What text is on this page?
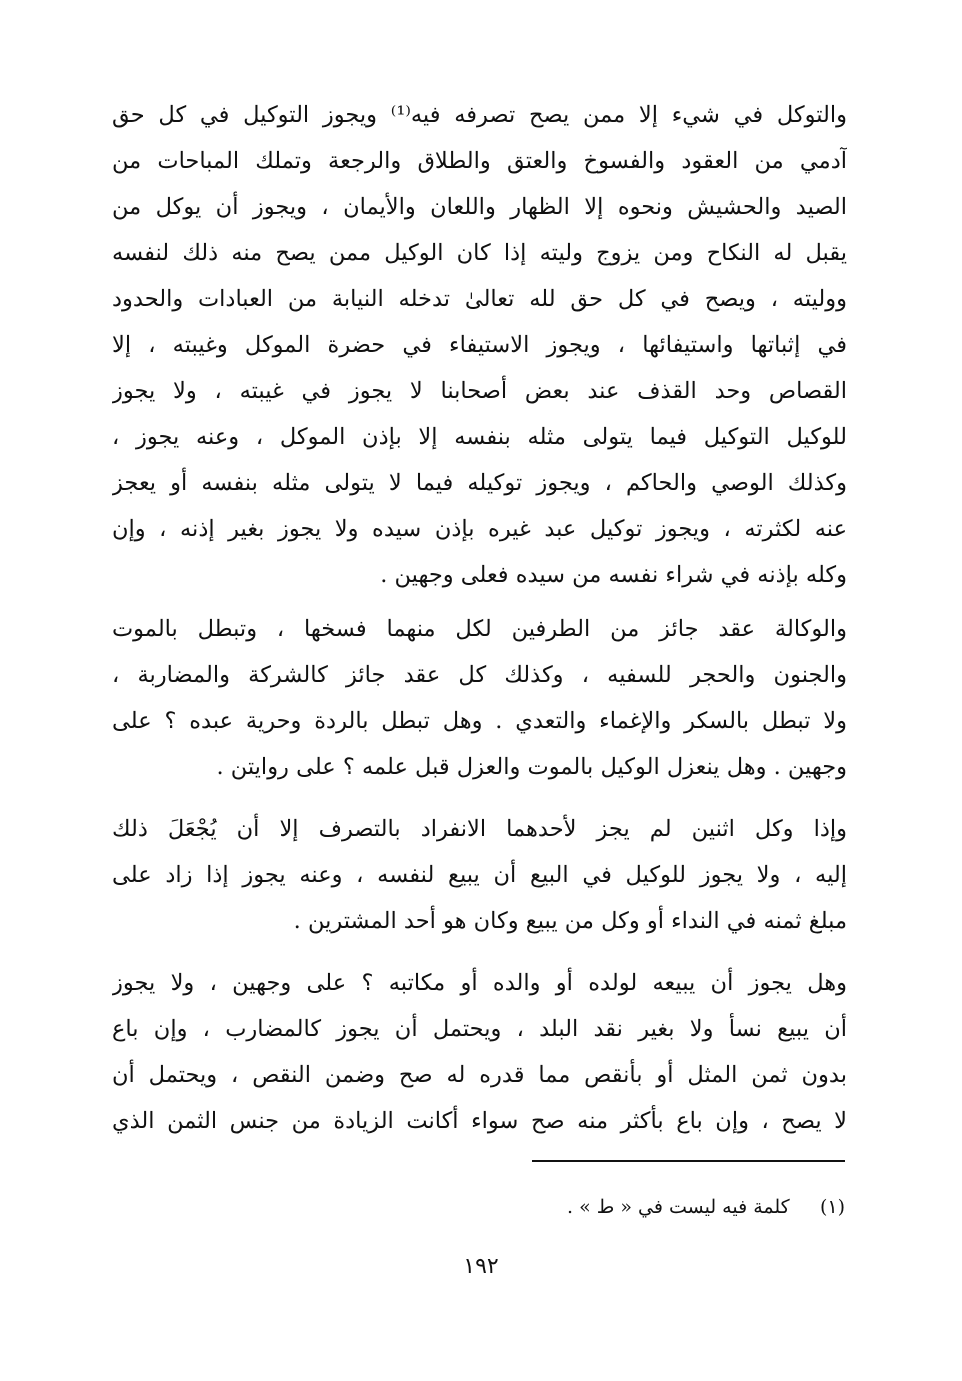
والتوكل في شيء إلا ممن يصح تصرفه فيه⁽¹⁾ ويجوز التوكيل في كل حق
آدمي من العقود والفسوخ والعتق والطلاق والرجعة وتملك المباحات من
الصيد والحشيش ونحوه إلا الظهار واللعان والأيمان ، ويجوز أن يوكل من
يقبل له النكاح ومن يزوج وليته إذا كان الوكيل ممن يصح منه ذلك لنفسه
ووليته ، ويصح في كل حق لله تعالىٰ تدخله النيابة من العبادات والحدود
في إثباتها واستيفائها ، ويجوز الاستيفاء في حضرة الموكل وغيبته ، إلا
القصاص وحد القذف عند بعض أصحابنا لا يجوز في غيبته ، ولا يجوز
للوكيل التوكيل فيما يتولى مثله بنفسه إلا بإذن الموكل ، وعنه يجوز ،
وكذلك الوصي والحاكم ، ويجوز توكيله فيما لا يتولى مثله بنفسه أو يعجز
عنه لكثرته ، ويجوز توكيل عبد غيره بإذن سيده ولا يجوز بغير إذنه ، وإن
وكله بإذنه في شراء نفسه من سيده فعلى وجهين .
والوكالة عقد جائز من الطرفين لكل منهما فسخها ، وتبطل بالموت
والجنون والحجر للسفيه ، وكذلك كل عقد جائز كالشركة والمضاربة ،
ولا تبطل بالسكر والإغماء والتعدي . وهل تبطل بالردة وحرية عبده ؟ على
وجهين . وهل ينعزل الوكيل بالموت والعزل قبل علمه ؟ على روايتن .
وإذا وكل اثنين لم يجز لأحدهما الانفراد بالتصرف إلا أن يُجْعَلَ ذلك
إليه ، ولا يجوز للوكيل في البيع أن يبيع لنفسه ، وعنه يجوز إذا زاد على
مبلغ ثمنه في النداء أو وكل من يبيع وكان هو أحد المشترين .
وهل يجوز أن يبيعه لولده أو والده أو مكاتبه ؟ على وجهين ، ولا يجوز
أن يبيع نسأ ولا بغير نقد البلد ، ويحتمل أن يجوز كالمضارب ، وإن باع
بدون ثمن المثل أو بأنقص مما قدره له صح وضمن النقص ، ويحتمل أن
لا يصح ، وإن باع بأكثر منه صح سواء أكانت الزيادة من جنس الثمن الذي
(١)     كلمة فيه ليست في « ط » .
١٩٢
